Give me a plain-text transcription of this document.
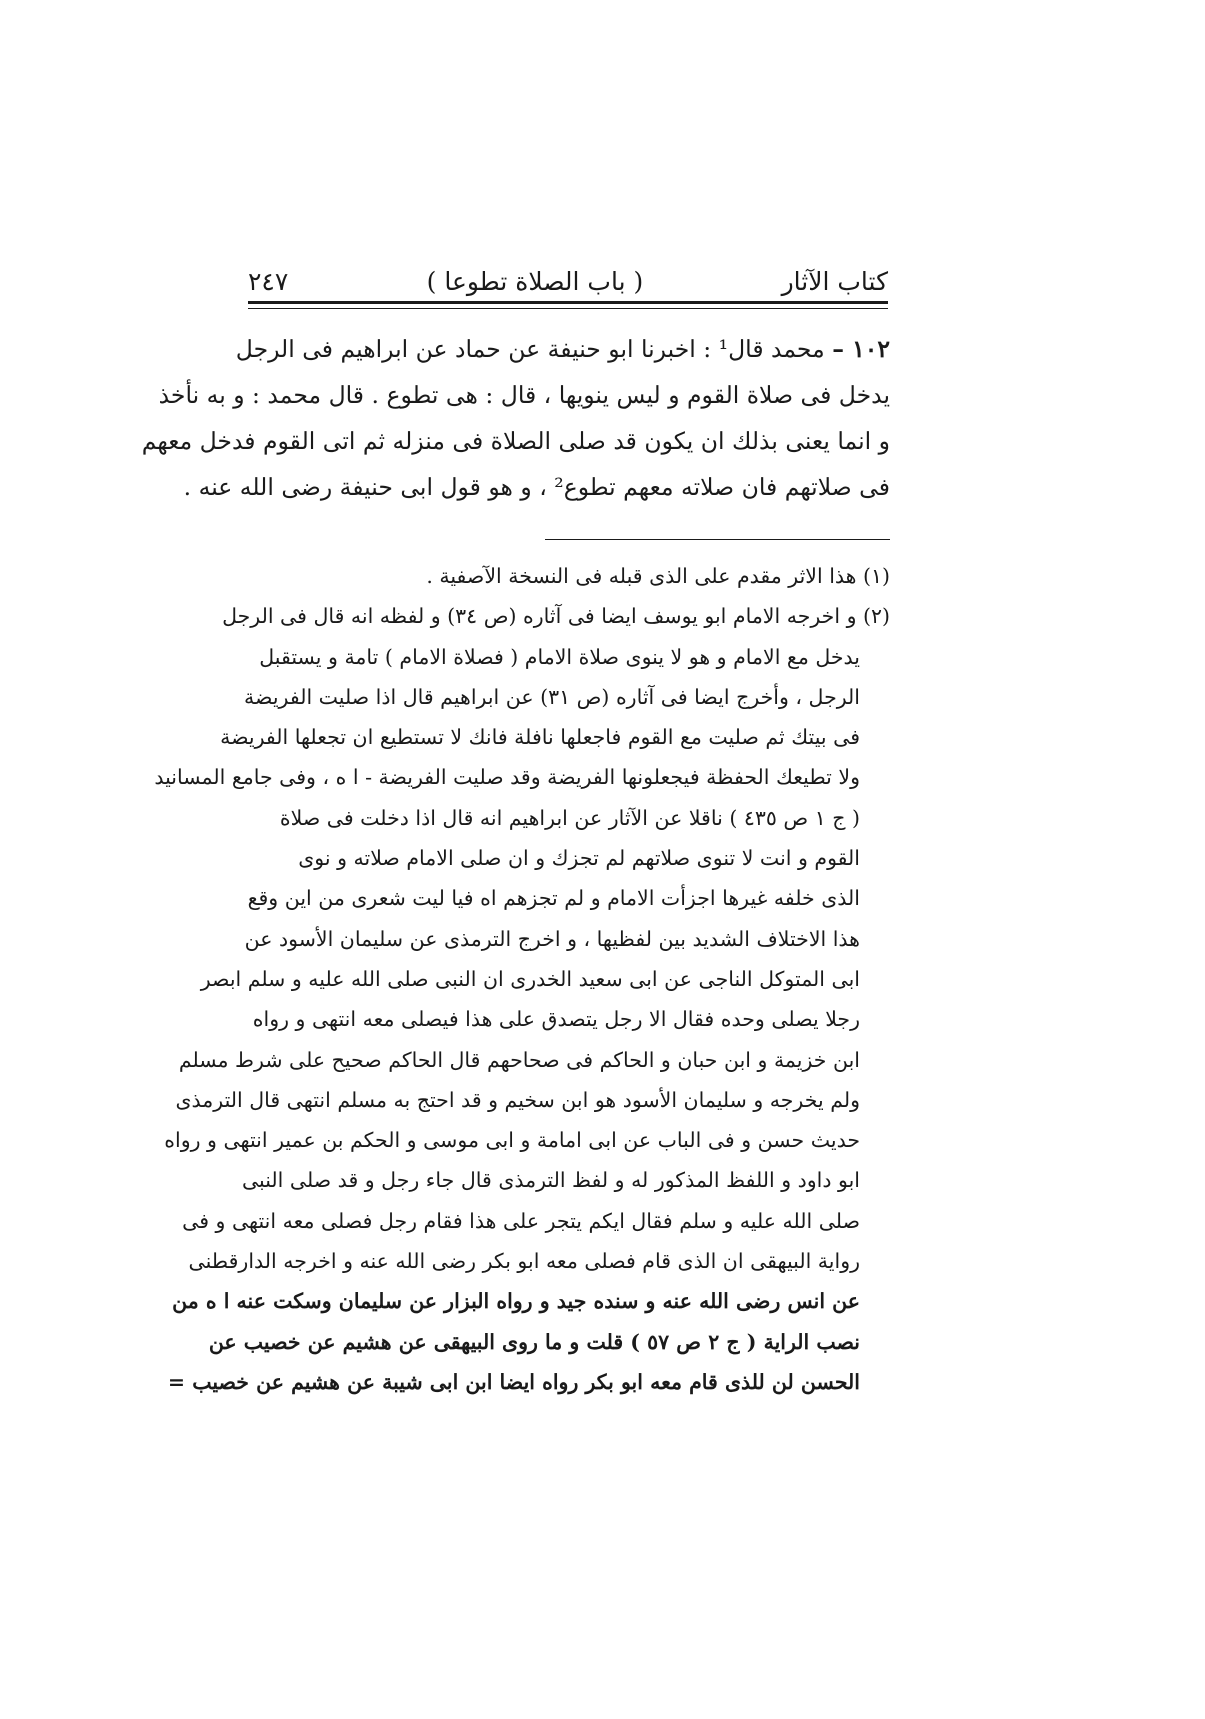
كتاب الآثار
( باب الصلاة تطوعا )
٢٤٧

١٠٢ – محمد قال¹ : اخبرنا ابو حنيفة عن حماد عن ابراهيم فى الرجل

يدخل فى صلاة القوم و ليس ينويها ، قال : هى تطوع . قال محمد : و به نأخذ

و انما يعنى بذلك ان يكون قد صلى الصلاة فى منزله ثم اتى القوم فدخل معهم

فى صلاتهم فان صلاته معهم تطوع² ، و هو قول ابى حنيفة رضى الله عنه .

(١) هذا الاثر مقدم على الذى قبله فى النسخة الآصفية .

(٢) و اخرجه الامام ابو يوسف ايضا فى آثاره (ص ٣٤) و لفظه انه قال فى الرجل

يدخل مع الامام و هو لا ينوى صلاة الامام ( فصلاة الامام ) تامة و يستقبل

الرجل ، وأخرج ايضا فى آثاره (ص ٣١) عن ابراهيم قال اذا صليت الفريضة

فى بيتك ثم صليت مع القوم فاجعلها نافلة فانك لا تستطيع ان تجعلها الفريضة

ولا تطيعك الحفظة فيجعلونها الفريضة وقد صليت الفريضة - ا ه ، وفى جامع المسانيد

( ج ١ ص ٤٣٥ ) ناقلا عن الآثار عن ابراهيم انه قال اذا دخلت فى صلاة

القوم و انت لا تنوى صلاتهم لم تجزك و ان صلى الامام صلاته و نوى

الذى خلفه غيرها اجزأت الامام و لم تجزهم اه فيا ليت شعرى من اين وقع

هذا الاختلاف الشديد بين لفظيها ، و اخرج الترمذى عن سليمان الأسود عن

ابى المتوكل الناجى عن ابى سعيد الخدرى ان النبى صلى الله عليه و سلم ابصر

رجلا يصلى وحده فقال الا رجل يتصدق على هذا فيصلى معه انتهى و رواه

ابن خزيمة و ابن حبان و الحاكم فى صحاحهم قال الحاكم صحيح على شرط مسلم

ولم يخرجه و سليمان الأسود هو ابن سخيم و قد احتج به مسلم انتهى قال الترمذى

حديث حسن و فى الباب عن ابى امامة و ابى موسى و الحكم بن عمير انتهى و رواه

ابو داود و اللفظ المذكور له و لفظ الترمذى قال جاء رجل و قد صلى النبى

صلى الله عليه و سلم فقال ايكم يتجر على هذا فقام رجل فصلى معه انتهى و فى

رواية البيهقى ان الذى قام فصلى معه ابو بكر رضى الله عنه و اخرجه الدارقطنى

عن انس رضى الله عنه و سنده جيد و رواه البزار عن سليمان وسكت عنه ا ه من

نصب الراية ( ج ٢ ص ٥٧ ) قلت و ما روى البيهقى عن هشيم عن خصيب عن

الحسن لن للذى قام معه ابو بكر رواه ايضا ابن ابى شيبة عن هشيم عن خصيب =
